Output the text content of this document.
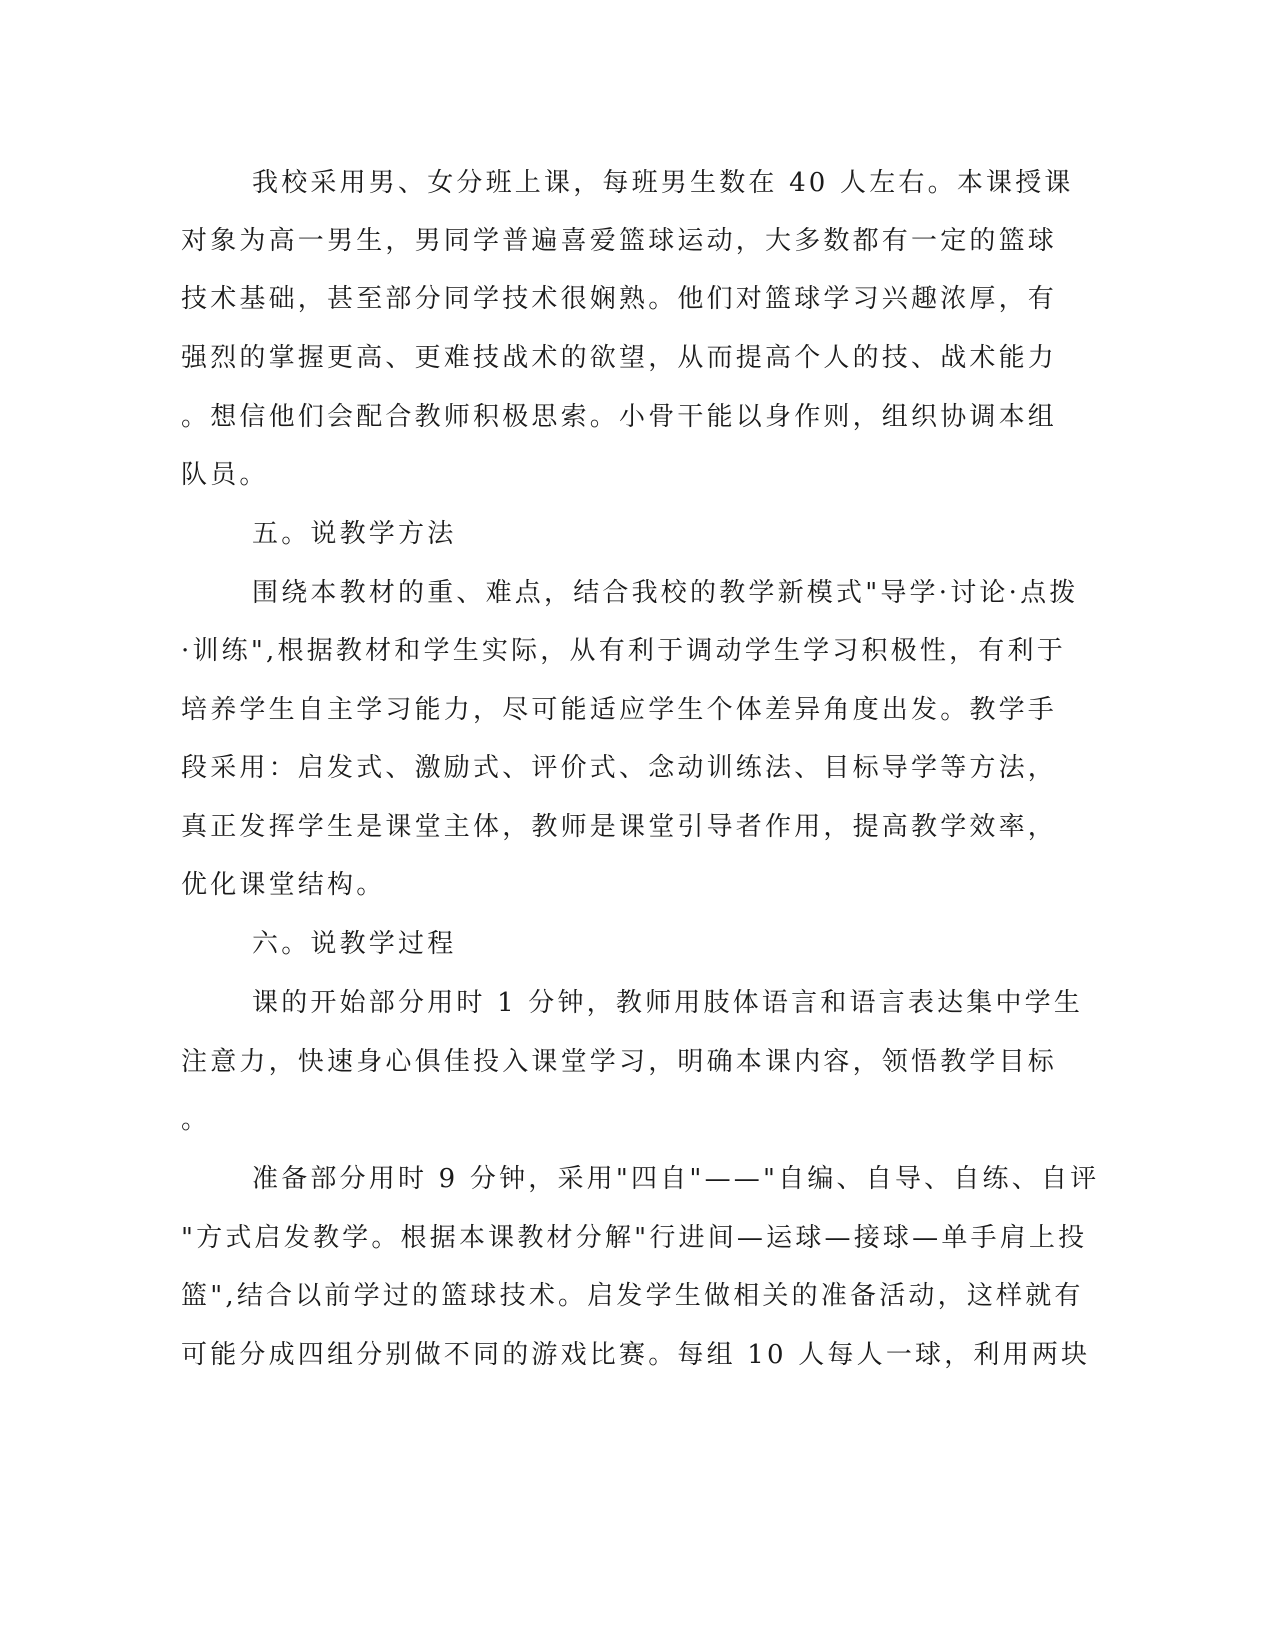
我校采用男、女分班上课，每班男生数在 40 人左右。本课授课
对象为高一男生，男同学普遍喜爱篮球运动，大多数都有一定的篮球
技术基础，甚至部分同学技术很娴熟。他们对篮球学习兴趣浓厚，有
强烈的掌握更高、更难技战术的欲望，从而提高个人的技、战术能力
。想信他们会配合教师积极思索。小骨干能以身作则，组织协调本组
队员。
五。说教学方法
围绕本教材的重、难点，结合我校的教学新模式"导学·讨论·点拨
·训练",根据教材和学生实际，从有利于调动学生学习积极性，有利于
培养学生自主学习能力，尽可能适应学生个体差异角度出发。教学手
段采用：启发式、激励式、评价式、念动训练法、目标导学等方法，
真正发挥学生是课堂主体，教师是课堂引导者作用，提高教学效率，
优化课堂结构。
六。说教学过程
课的开始部分用时 1 分钟，教师用肢体语言和语言表达集中学生
注意力，快速身心俱佳投入课堂学习，明确本课内容，领悟教学目标
。
准备部分用时 9 分钟，采用"四自"——"自编、自导、自练、自评
"方式启发教学。根据本课教材分解"行进间—运球—接球—单手肩上投
篮",结合以前学过的篮球技术。启发学生做相关的准备活动，这样就有
可能分成四组分别做不同的游戏比赛。每组 10 人每人一球，利用两块
